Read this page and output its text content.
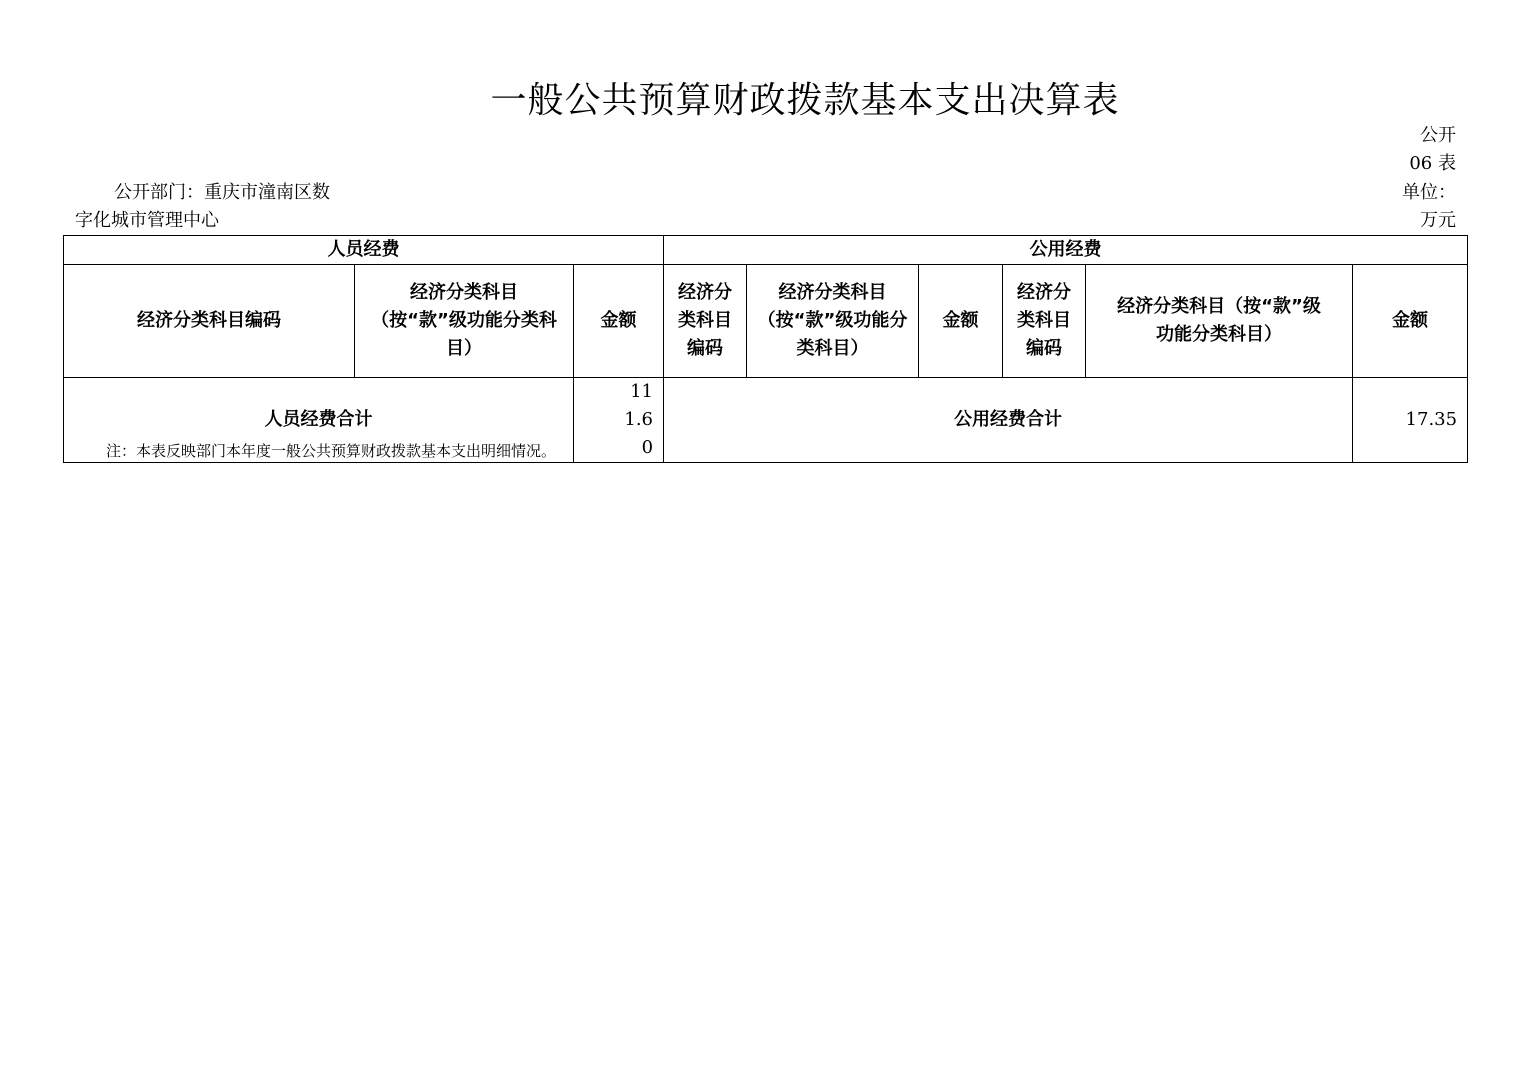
一般公共预算财政拨款基本支出决算表
公开
06 表
单位：
万元
公开部门：重庆市潼南区数
字化城市管理中心
人员经费			公用经费					

经济分类科目编码	经济分类科目（按“款”级功能分类科目）	金额	经济分类科目编码	经济分类科目（按“款”级功能分类科目）	金额	经济分类科目编码	经济分类科目（按“款”级功能分类科目）	金额
人员经费合计		111.60	公用经费合计					17.35
注：本表反映部门本年度一般公共预算财政拨款基本支出明细情况。
